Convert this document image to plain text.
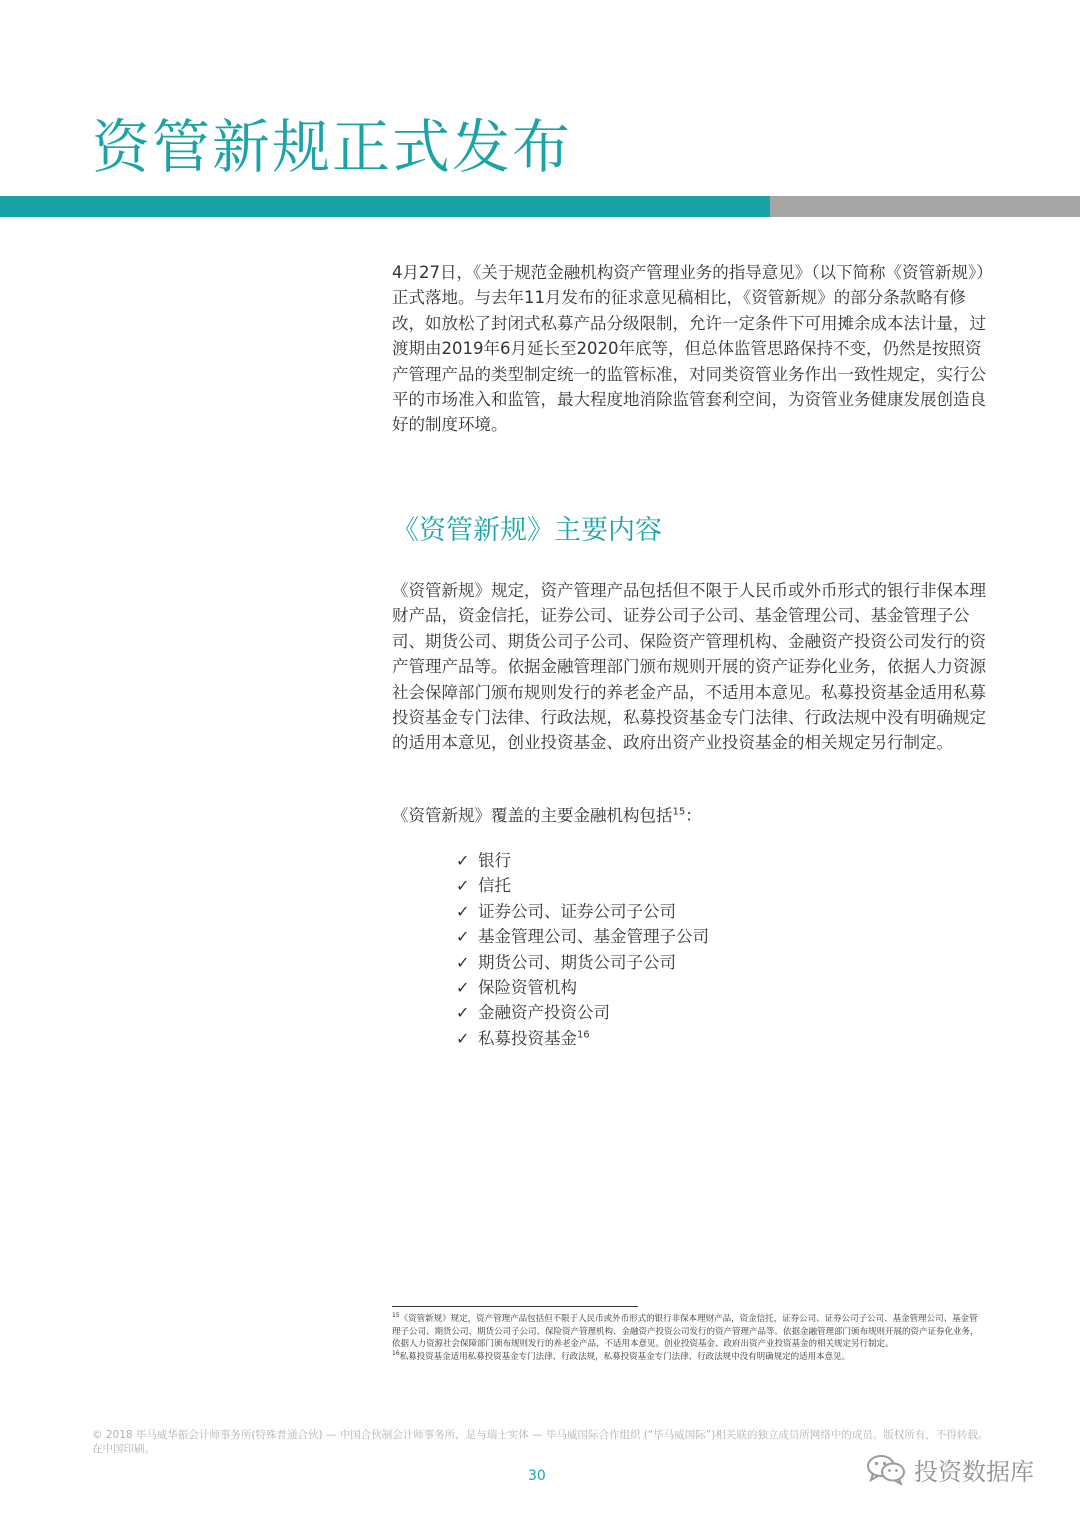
资管新规正式发布

4月27日，《关于规范金融机构资产管理业务的指导意见》（以下简称《资管新规》）正式落地。与去年11月发布的征求意见稿相比，《资管新规》的部分条款略有修改，如放松了封闭式私募产品分级限制，允许一定条件下可用摊余成本法计量，过渡期由2019年6月延长至2020年底等，但总体监管思路保持不变，仍然是按照资产管理产品的类型制定统一的监管标准，对同类资管业务作出一致性规定，实行公平的市场准入和监管，最大程度地消除监管套利空间，为资管业务健康发展创造良好的制度环境。

《资管新规》主要内容

《资管新规》规定，资产管理产品包括但不限于人民币或外币形式的银行非保本理财产品，资金信托，证券公司、证券公司子公司、基金管理公司、基金管理子公司、期货公司、期货公司子公司、保险资产管理机构、金融资产投资公司发行的资产管理产品等。依据金融管理部门颁布规则开展的资产证券化业务，依据人力资源社会保障部门颁布规则发行的养老金产品，不适用本意见。私募投资基金适用私募投资基金专门法律、行政法规，私募投资基金专门法律、行政法规中没有明确规定的适用本意见，创业投资基金、政府出资产业投资基金的相关规定另行制定。

《资管新规》覆盖的主要金融机构包括$^{15}$：

✓ 银行
✓ 信托
✓ 证券公司、证券公司子公司
✓ 基金管理公司、基金管理子公司
✓ 期货公司、期货公司子公司
✓ 保险资管机构
✓ 金融资产投资公司
✓ 私募投资基金$^{16}$

$^{15}$《资管新规》规定，资产管理产品包括但不限于人民币或外币形式的银行非保本理财产品，资金信托，证券公司、证券公司子公司、基金管理公司、基金管理子公司、期货公司、期货公司子公司、保险资产管理机构、金融资产投资公司发行的资产管理产品等。依据金融管理部门颁布规则开展的资产证券化业务，依据人力资源社会保障部门颁布规则发行的养老金产品，不适用本意见。创业投资基金、政府出资产业投资基金的相关规定另行制定。

$^{16}$私募投资基金适用私募投资基金专门法律、行政法规，私募投资基金专门法律、行政法规中没有明确规定的适用本意见。

© 2018 毕马威华振会计师事务所(特殊普通合伙) — 中国合伙制会计师事务所，是与瑞士实体 — 毕马威国际合作组织 (“毕马威国际”)相关联的独立成员所网络中的成员。版权所有，不得转载。在中国印刷。

30	投资数据库
